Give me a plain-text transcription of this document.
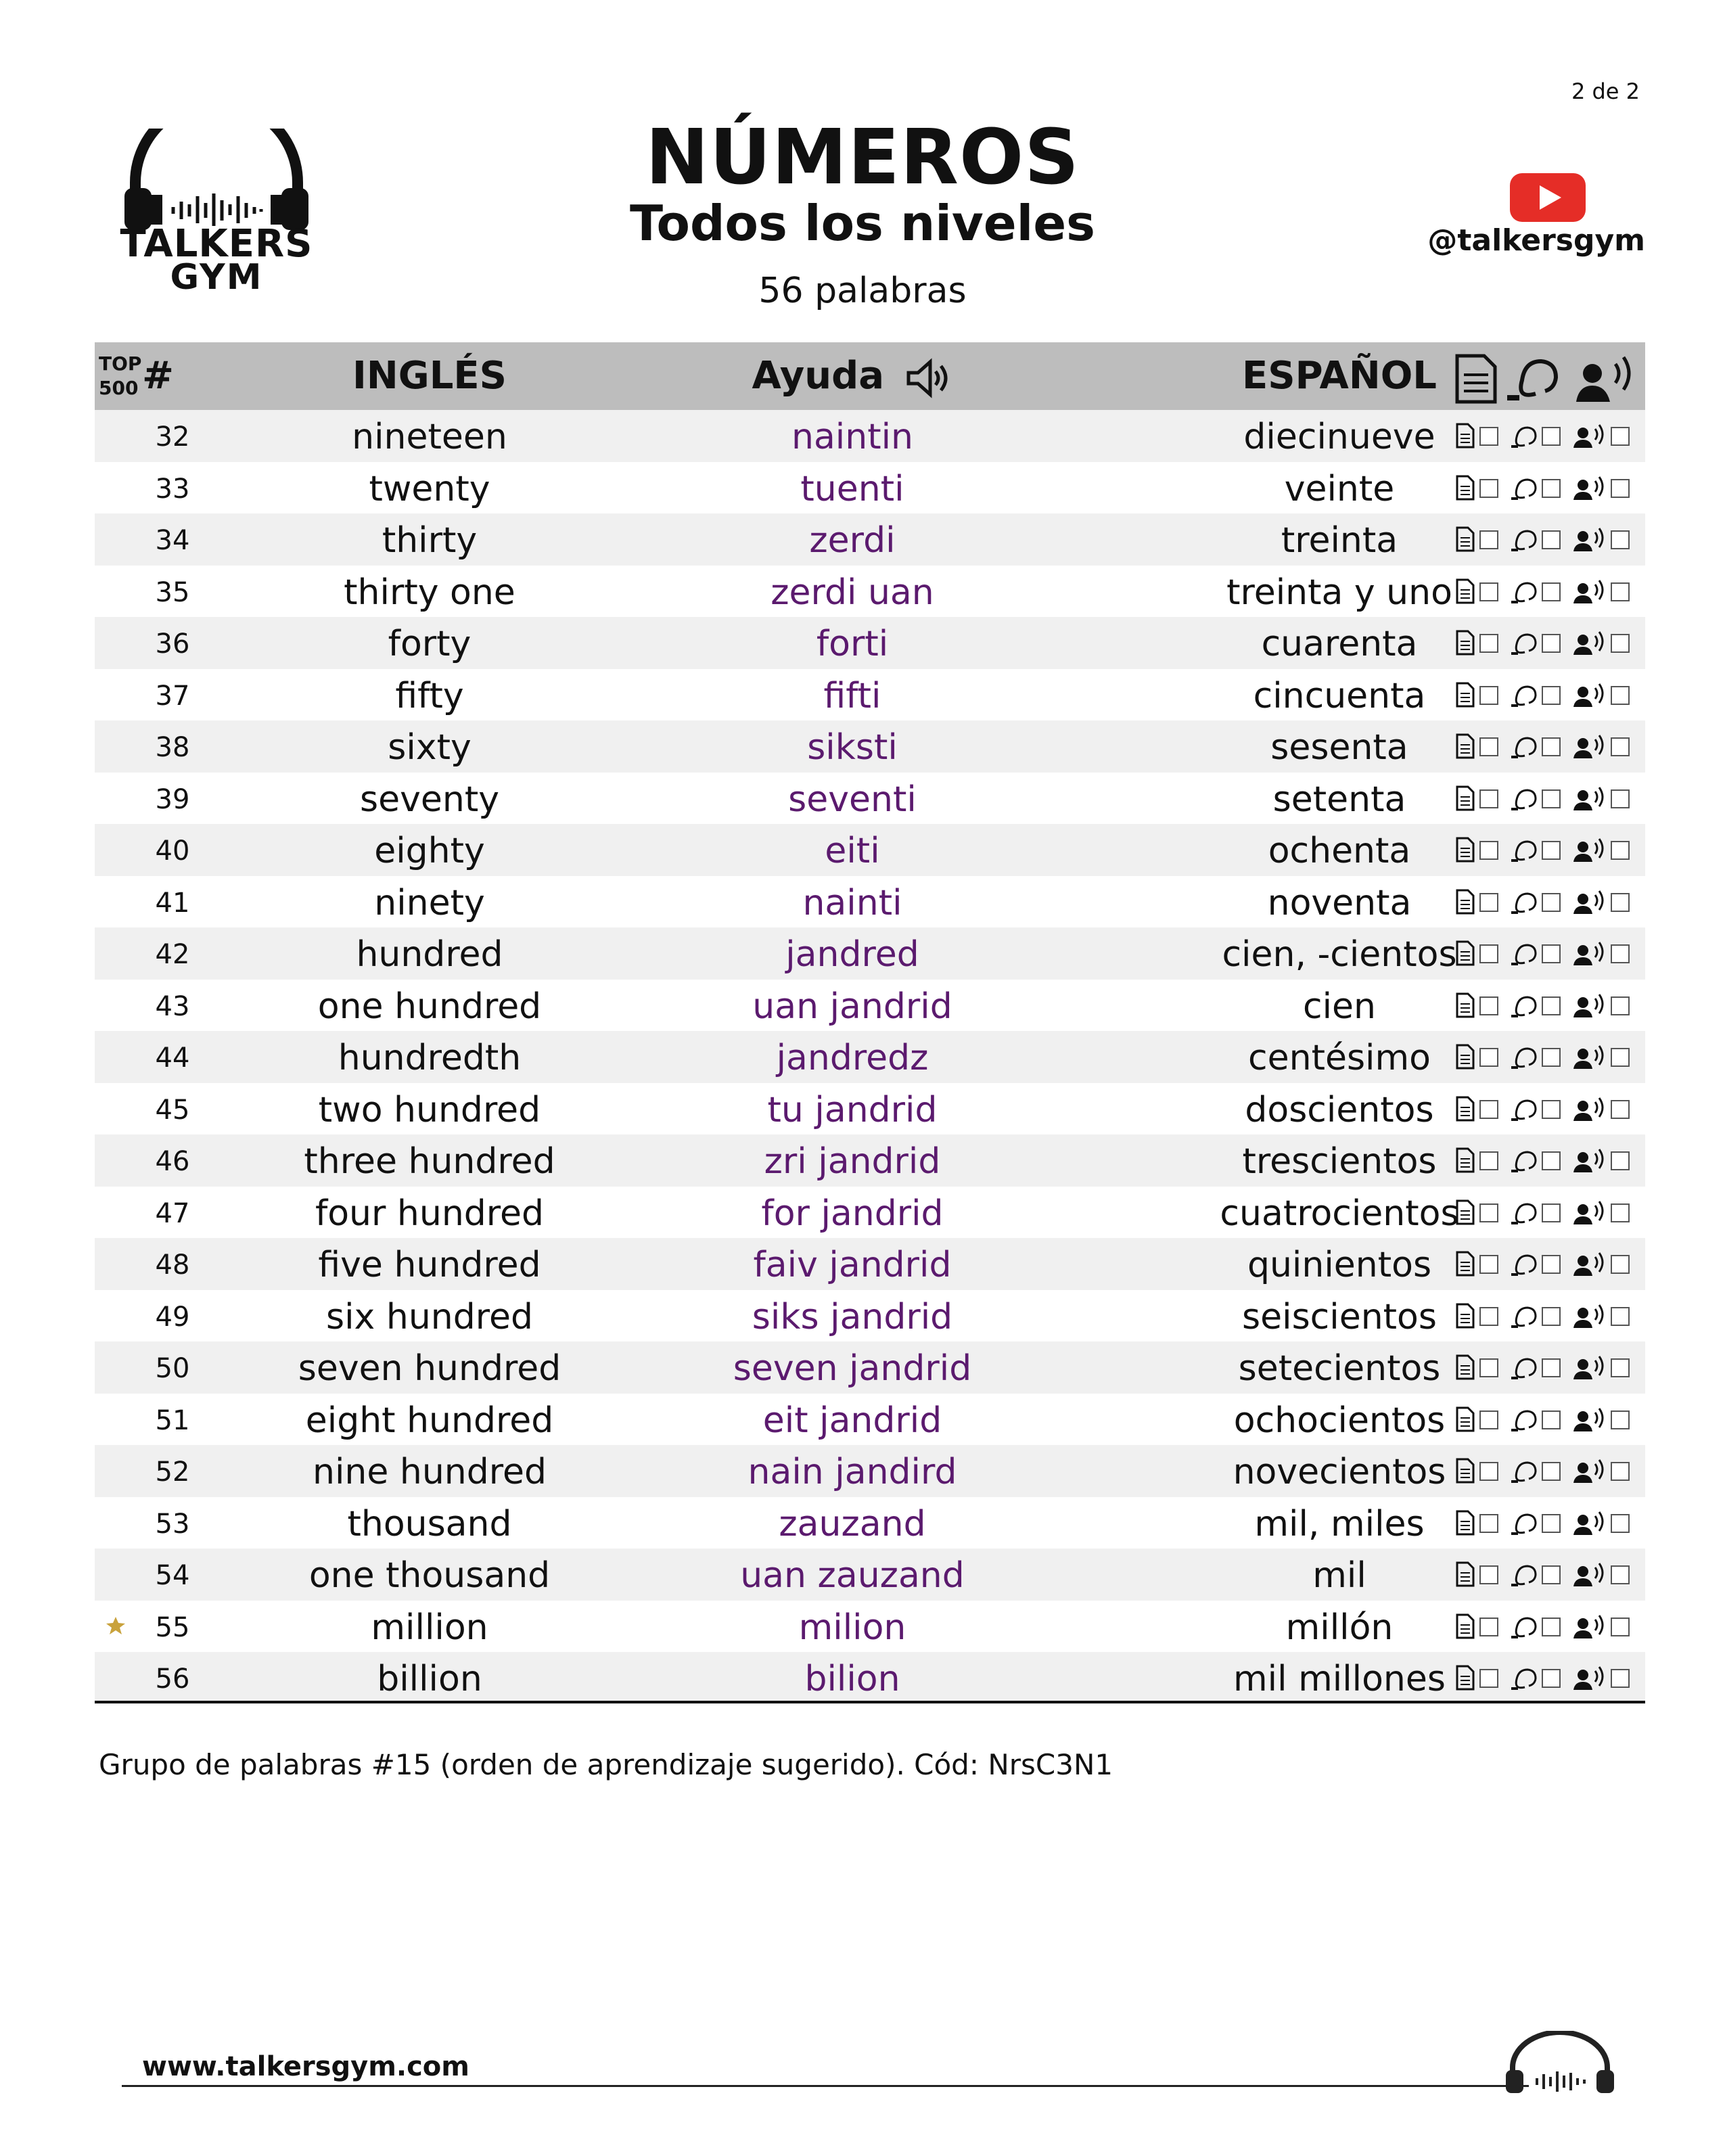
2 de 2
TALKERS
GYM
NÚMEROS
Todos los niveles
56 palabras
@talkersgym
TOP
500 #	INGLÉS	Ayuda	ESPAÑOL
32	nineteen	naintin	diecinueve
33	twenty	tuenti	veinte
34	thirty	zerdi	treinta
35	thirty one	zerdi uan	treinta y uno
36	forty	forti	cuarenta
37	fifty	fifti	cincuenta
38	sixty	siksti	sesenta
39	seventy	seventi	setenta
40	eighty	eiti	ochenta
41	ninety	nainti	noventa
42	hundred	jandred	cien, -cientos
43	one hundred	uan jandrid	cien
44	hundredth	jandredz	centésimo
45	two hundred	tu jandrid	doscientos
46	three hundred	zri jandrid	trescientos
47	four hundred	for jandrid	cuatrocientos
48	five hundred	faiv jandrid	quinientos
49	six hundred	siks jandrid	seiscientos
50	seven hundred	seven jandrid	setecientos
51	eight hundred	eit jandrid	ochocientos
52	nine hundred	nain jandird	novecientos
53	thousand	zauzand	mil, miles
54	one thousand	uan zauzand	mil
55	million	milion	millón
56	billion	bilion	mil millones
Grupo de palabras #15 (orden de aprendizaje sugerido). Cód: NrsC3N1
www.talkersgym.com
